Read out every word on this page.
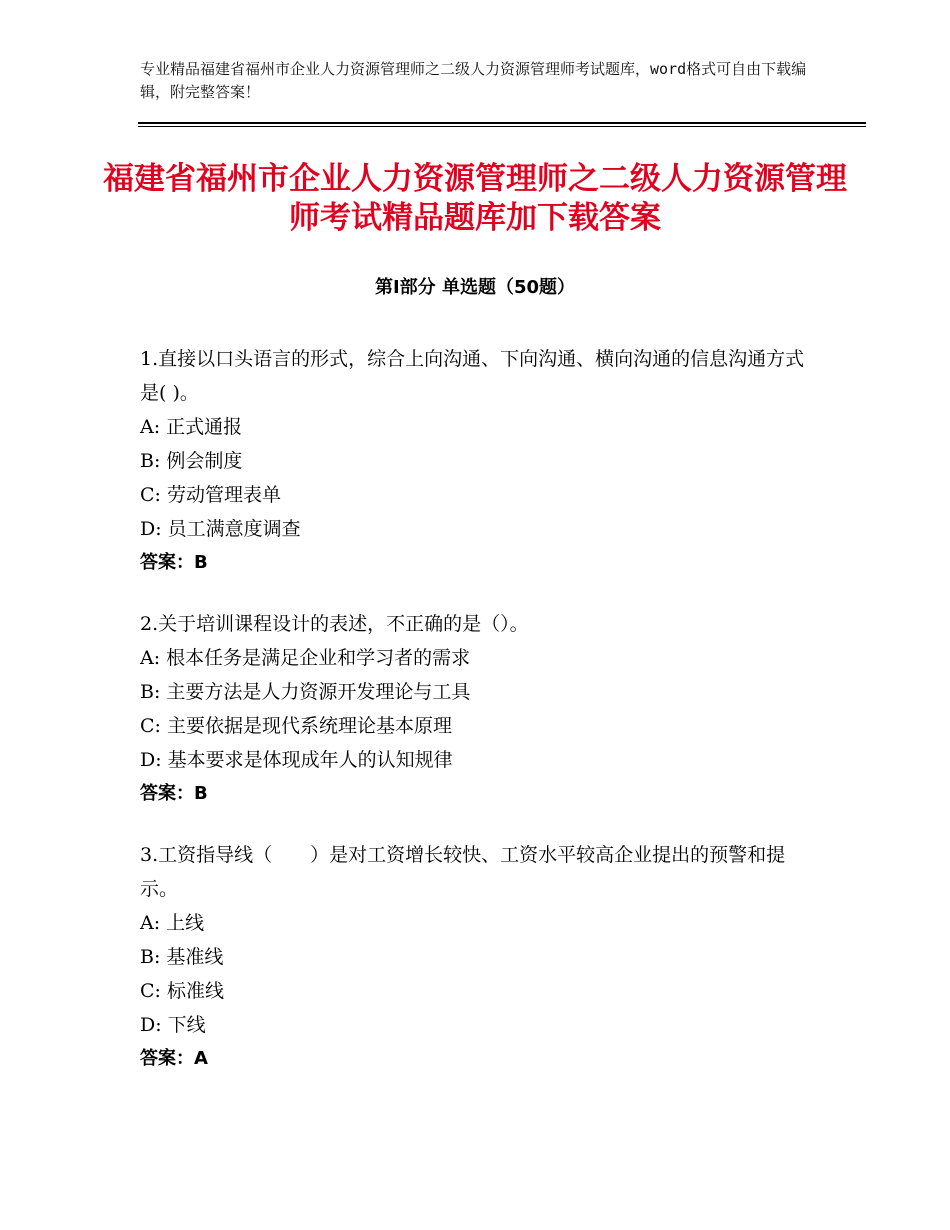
专业精品福建省福州市企业人力资源管理师之二级人力资源管理师考试题库，word格式可自由下载编辑，附完整答案！
福建省福州市企业人力资源管理师之二级人力资源管理师考试精品题库加下载答案
第Ⅰ部分 单选题（50题）
1.直接以口头语言的形式，综合上向沟通、下向沟通、横向沟通的信息沟通方式是( )。
A: 正式通报
B: 例会制度
C: 劳动管理表单
D: 员工满意度调查
答案：B
2.关于培训课程设计的表述，不正确的是（）。
A: 根本任务是满足企业和学习者的需求
B: 主要方法是人力资源开发理论与工具
C: 主要依据是现代系统理论基本原理
D: 基本要求是体现成年人的认知规律
答案：B
3.工资指导线（　　）是对工资增长较快、工资水平较高企业提出的预警和提示。
A: 上线
B: 基准线
C: 标准线
D: 下线
答案：A
